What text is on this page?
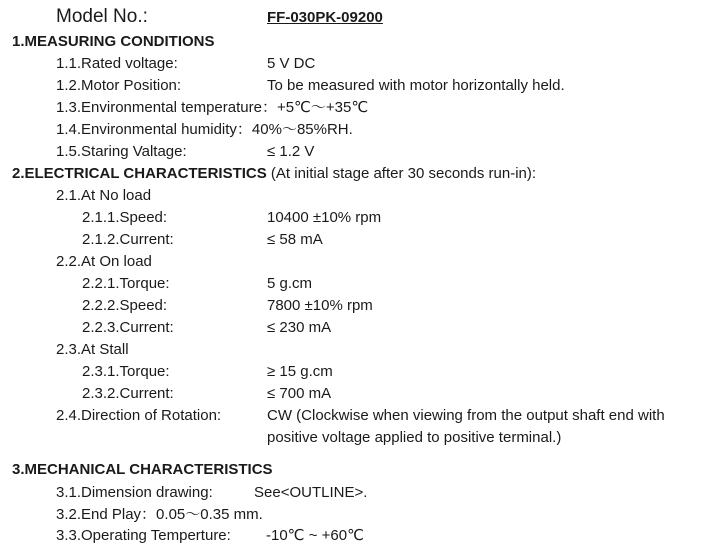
Model No.:	FF-030PK-09200
1.MEASURING CONDITIONS
1.1.Rated voltage:	5 V DC
1.2.Motor Position:	To be measured with motor horizontally held.
1.3.Environmental temperature：+5℃～+35℃
1.4.Environmental humidity：40%～85%RH.
1.5.Staring Valtage:	≤ 1.2 V
2.ELECTRICAL CHARACTERISTICS (At initial stage after 30 seconds run-in):
2.1.At No load
2.1.1.Speed:	10400 ±10% rpm
2.1.2.Current:	≤ 58 mA
2.2.At On load
2.2.1.Torque:	5 g.cm
2.2.2.Speed:	7800 ±10% rpm
2.2.3.Current:	≤ 230 mA
2.3.At Stall
2.3.1.Torque:	≥ 15 g.cm
2.3.2.Current:	≤ 700 mA
2.4.Direction of Rotation:	CW (Clockwise when viewing from the output shaft end with
positive voltage applied to positive terminal.)
3.MECHANICAL CHARACTERISTICS
3.1.Dimension drawing:	See<OUTLINE>.
3.2.End Play：0.05～0.35 mm.
3.3.Operating Temperture: -10℃ ~ +60℃
